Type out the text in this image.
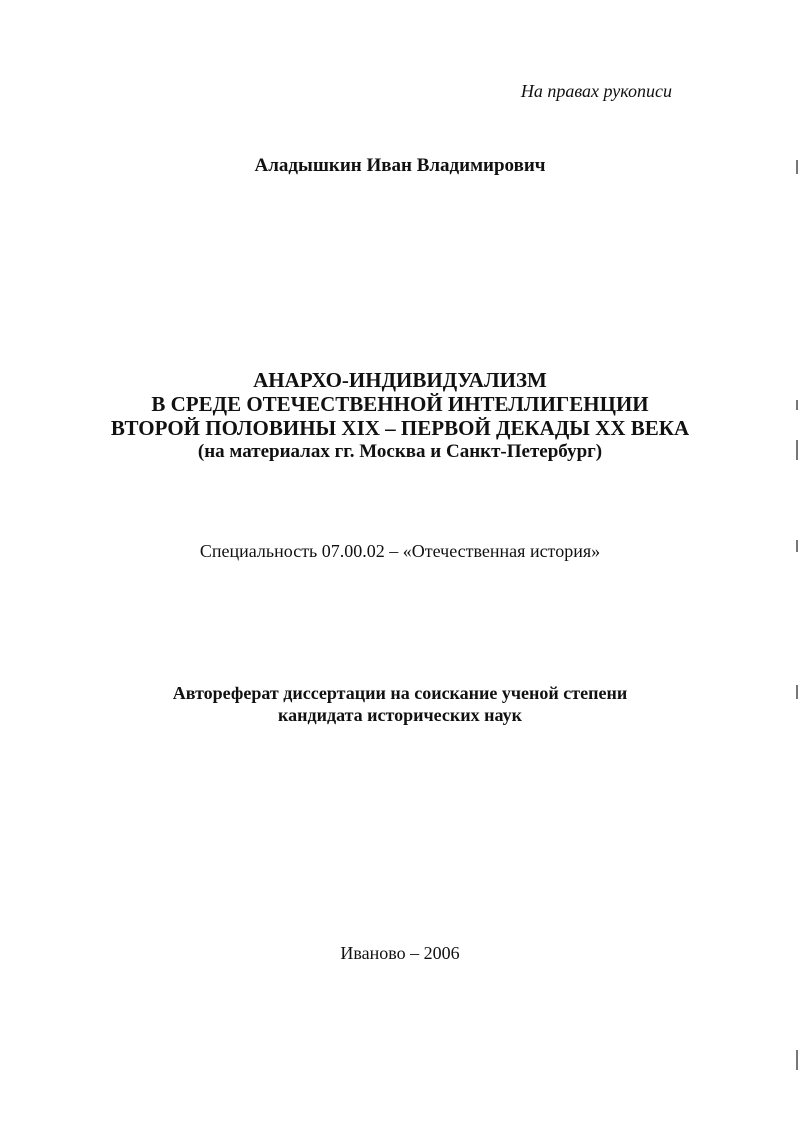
На правах рукописи
Аладышкин Иван Владимирович
АНАРХО-ИНДИВИДУАЛИЗМ
В СРЕДЕ ОТЕЧЕСТВЕННОЙ ИНТЕЛЛИГЕНЦИИ
ВТОРОЙ ПОЛОВИНЫ XIX – ПЕРВОЙ ДЕКАДЫ XX ВЕКА
(на материалах гг. Москва и Санкт-Петербург)
Специальность 07.00.02 – «Отечественная история»
Автореферат диссертации на соискание ученой степени
кандидата исторических наук
Иваново – 2006
